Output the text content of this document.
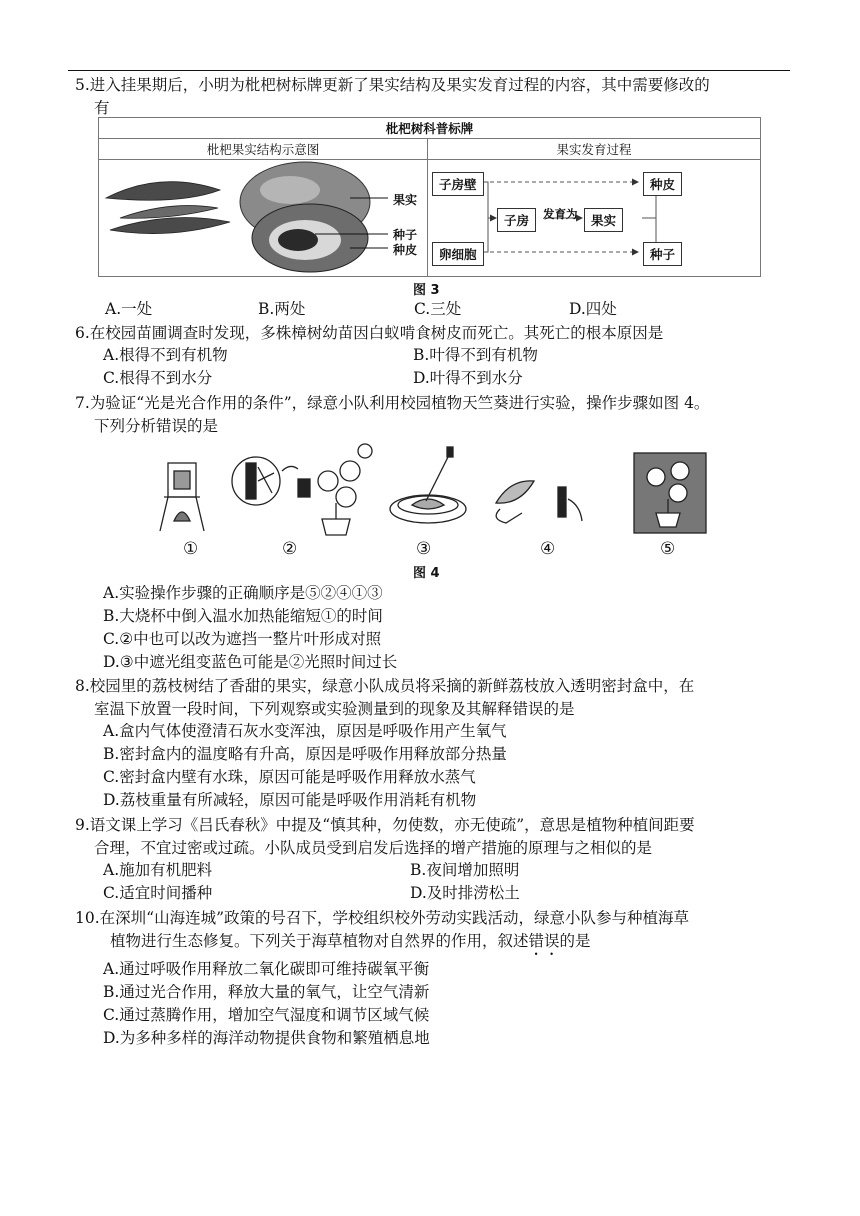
5.进入挂果期后，小明为枇杷树标牌更新了果实结构及果实发育过程的内容，其中需要修改的
有
枇杷树科普标牌	
枇杷果实结构示意图	果实发育过程

果实
种子
种皮
子房壁
卵细胞
子房	发育为	果实
种皮
种子
图 3
A.一处	B.两处	C.三处	D.四处
6.在校园苗圃调查时发现，多株樟树幼苗因白蚁啃食树皮而死亡。其死亡的根本原因是
A.根得不到有机物	B.叶得不到有机物
C.根得不到水分	D.叶得不到水分
7.为验证“光是光合作用的条件”，绿意小队利用校园植物天竺葵进行实验，操作步骤如图 4。
下列分析错误的是
①	②	③	④	⑤
图 4
A.实验操作步骤的正确顺序是⑤②④①③
B.大烧杯中倒入温水加热能缩短①的时间
C.②中也可以改为遮挡一整片叶形成对照
D.③中遮光组变蓝色可能是②光照时间过长
8.校园里的荔枝树结了香甜的果实，绿意小队成员将采摘的新鲜荔枝放入透明密封盒中，在
室温下放置一段时间，下列观察或实验测量到的现象及其解释错误的是
A.盒内气体使澄清石灰水变浑浊，原因是呼吸作用产生氧气
B.密封盒内的温度略有升高，原因是呼吸作用释放部分热量
C.密封盒内壁有水珠，原因可能是呼吸作用释放水蒸气
D.荔枝重量有所减轻，原因可能是呼吸作用消耗有机物
9.语文课上学习《吕氏春秋》中提及“慎其种，勿使数，亦无使疏”，意思是植物种植间距要
合理，不宜过密或过疏。小队成员受到启发后选择的增产措施的原理与之相似的是
A.施加有机肥料	B.夜间增加照明
C.适宜时间播种	D.及时排涝松土
10.在深圳“山海连城”政策的号召下，学校组织校外劳动实践活动，绿意小队参与种植海草
植物进行生态修复。下列关于海草植物对自然界的作用，叙述错误的是
A.通过呼吸作用释放二氧化碳即可维持碳氧平衡
B.通过光合作用，释放大量的氧气，让空气清新
C.通过蒸腾作用，增加空气湿度和调节区域气候
D.为多种多样的海洋动物提供食物和繁殖栖息地
